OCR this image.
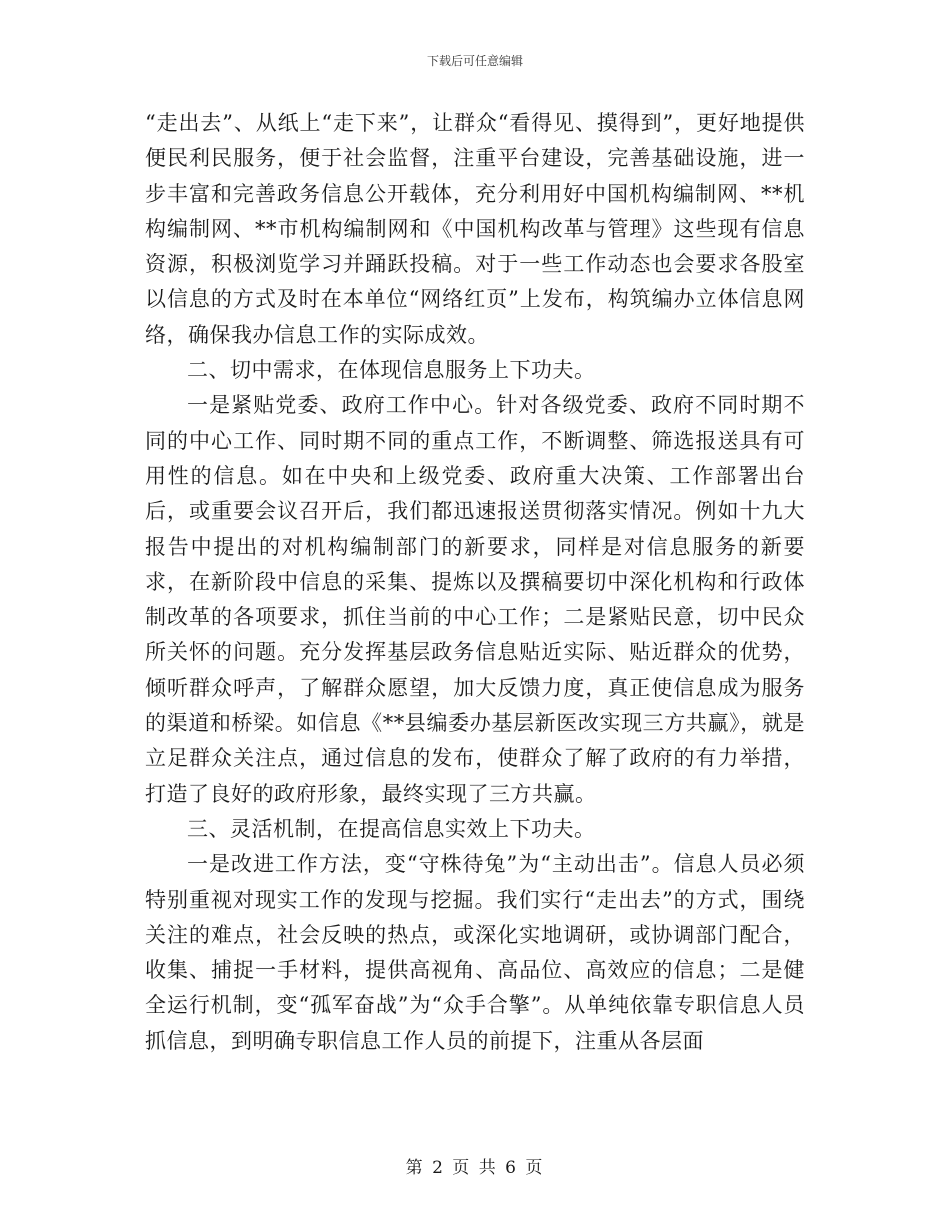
下载后可任意编辑

“走出去”、从纸上“走下来”，让群众“看得见、摸得到”，更好地提供便民利民服务，便于社会监督，注重平台建设，完善基础设施，进一步丰富和完善政务信息公开载体，充分利用好中国机构编制网、**机构编制网、**市机构编制网和《中国机构改革与管理》这些现有信息资源，积极浏览学习并踊跃投稿。对于一些工作动态也会要求各股室以信息的方式及时在本单位“网络红页”上发布，构筑编办立体信息网络，确保我办信息工作的实际成效。

二、切中需求，在体现信息服务上下功夫。

一是紧贴党委、政府工作中心。针对各级党委、政府不同时期不同的中心工作、同时期不同的重点工作，不断调整、筛选报送具有可用性的信息。如在中央和上级党委、政府重大决策、工作部署出台后，或重要会议召开后，我们都迅速报送贯彻落实情况。例如十九大报告中提出的对机构编制部门的新要求，同样是对信息服务的新要求，在新阶段中信息的采集、提炼以及撰稿要切中深化机构和行政体制改革的各项要求，抓住当前的中心工作；二是紧贴民意，切中民众所关怀的问题。充分发挥基层政务信息贴近实际、贴近群众的优势，倾听群众呼声，了解群众愿望，加大反馈力度，真正使信息成为服务的渠道和桥梁。如信息《**县编委办基层新医改实现三方共赢》，就是立足群众关注点，通过信息的发布，使群众了解了政府的有力举措，打造了良好的政府形象，最终实现了三方共赢。

三、灵活机制，在提高信息实效上下功夫。

一是改进工作方法，变“守株待兔”为“主动出击”。信息人员必须特别重视对现实工作的发现与挖掘。我们实行“走出去”的方式，围绕关注的难点，社会反映的热点，或深化实地调研，或协调部门配合，收集、捕捉一手材料，提供高视角、高品位、高效应的信息；二是健全运行机制，变“孤军奋战”为“众手合擎”。从单纯依靠专职信息人员抓信息，到明确专职信息工作人员的前提下，注重从各层面

第 2 页 共 6 页
